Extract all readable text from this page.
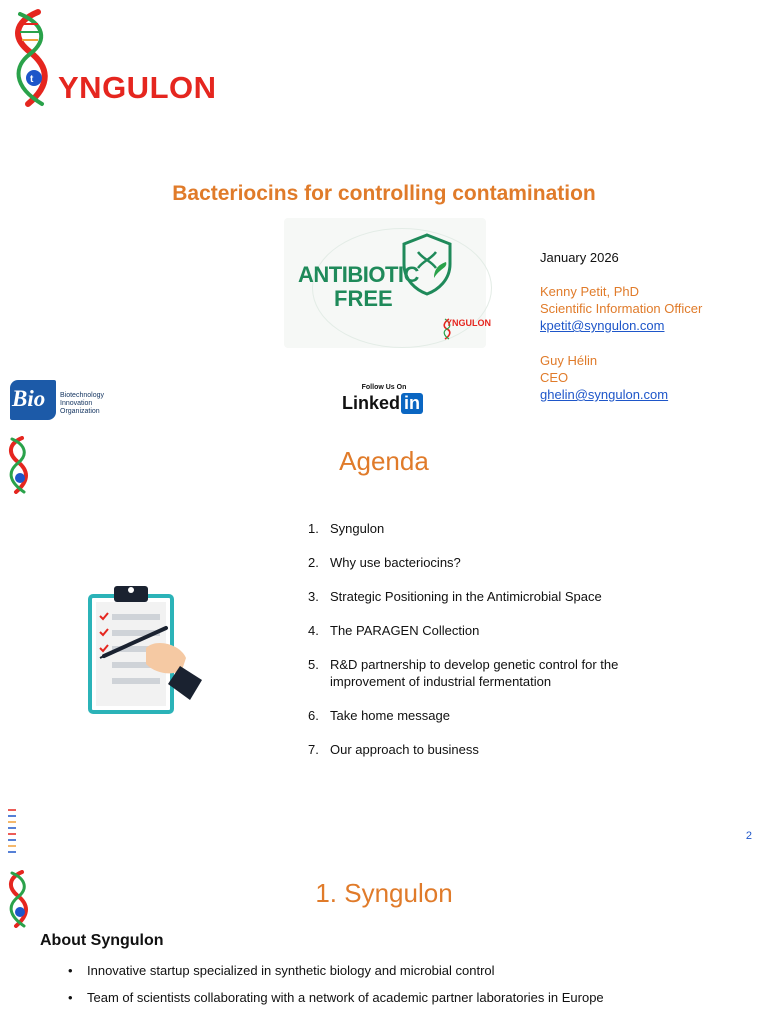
t YNGULON
Bacteriocins for controlling contamination
ANTIBIOTIC
FREE
YNGULON
January 2026
Kenny Petit, PhD
Scientific Information Officer
kpetit@syngulon.com
Guy Hélin
CEO
ghelin@syngulon.com
Bio Biotechnology
Innovation
Organization
Follow Us On
Linked in
Agenda
1. Syngulon
2. Why use bacteriocins?
3. Strategic Positioning in the Antimicrobial Space
4. The PARAGEN Collection
5. R&D partnership to develop genetic control for the improvement of industrial fermentation
6. Take home message
7. Our approach to business
2
1. Syngulon
About Syngulon
• Innovative startup specialized in synthetic biology and microbial control
• Team of scientists collaborating with a network of academic partner laboratories in Europe
